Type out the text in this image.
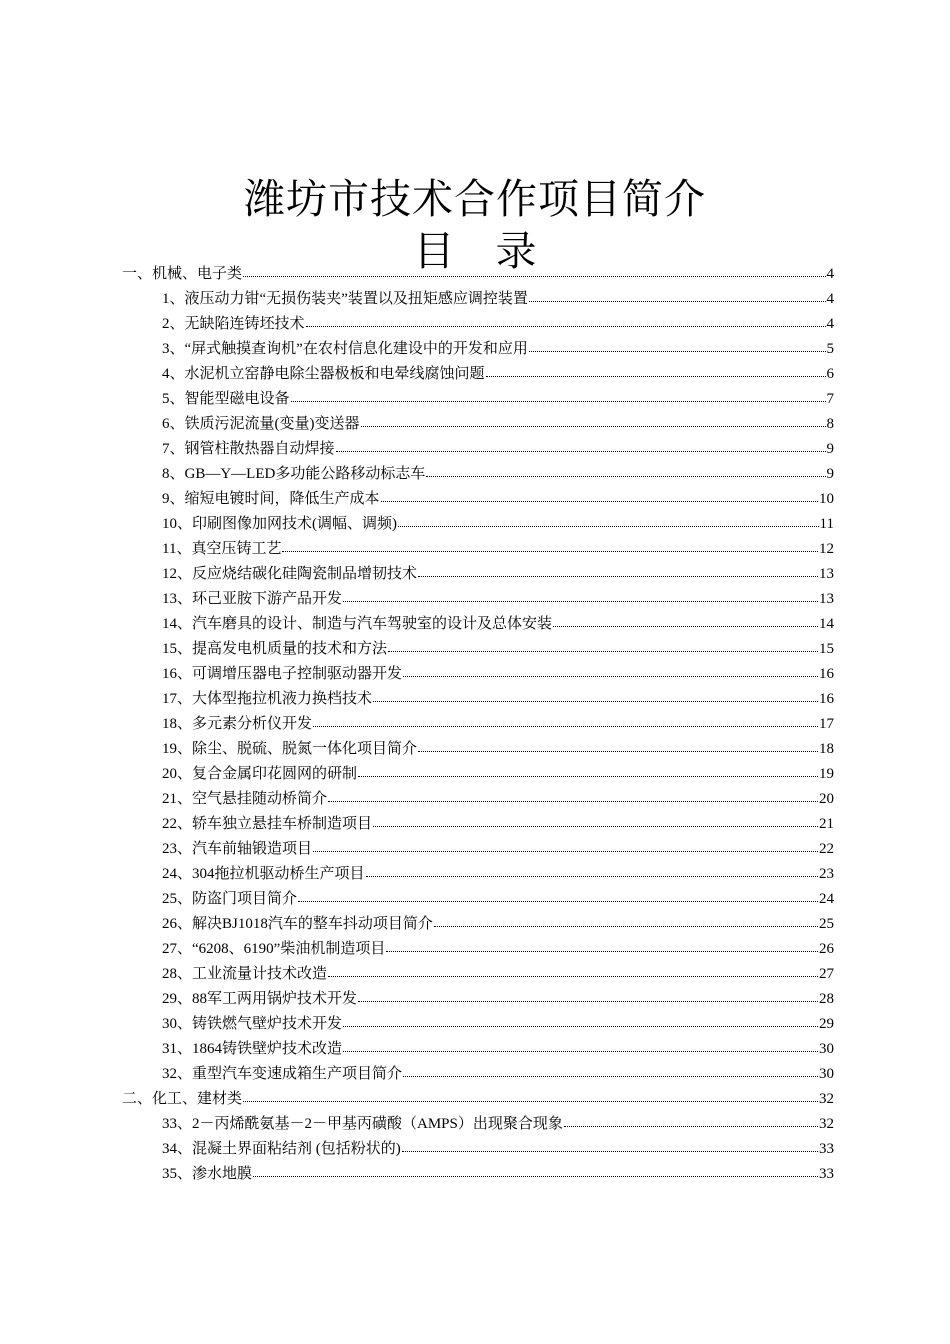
潍坊市技术合作项目简介
目　录
一、机械、电子类	4
1、液压动力钳“无损伤装夹”装置以及扭矩感应调控装置	4
2、无缺陷连铸坯技术	4
3、“屏式触摸查询机”在农村信息化建设中的开发和应用	5
4、水泥机立窑静电除尘器极板和电晕线腐蚀问题	6
5、智能型磁电设备	7
6、铁质污泥流量(变量)变送器	8
7、钢管柱散热器自动焊接	9
8、GB—Y—LED多功能公路移动标志车	9
9、缩短电镀时间，降低生产成本	10
10、印刷图像加网技术(调幅、调频)	11
11、真空压铸工艺	12
12、反应烧结碳化硅陶瓷制品增韧技术	13
13、环己亚胺下游产品开发	13
14、汽车磨具的设计、制造与汽车驾驶室的设计及总体安装	14
15、提高发电机质量的技术和方法	15
16、可调增压器电子控制驱动器开发	16
17、大体型拖拉机液力换档技术	16
18、多元素分析仪开发	17
19、除尘、脱硫、脱氮一体化项目简介	18
20、复合金属印花圆网的研制	19
21、空气悬挂随动桥简介	20
22、轿车独立悬挂车桥制造项目	21
23、汽车前轴锻造项目	22
24、304拖拉机驱动桥生产项目	23
25、防盗门项目简介	24
26、解决BJ1018汽车的整车抖动项目简介	25
27、“6208、6190”柴油机制造项目	26
28、工业流量计技术改造	27
29、88军工两用锅炉技术开发	28
30、铸铁燃气壁炉技术开发	29
31、1864铸铁壁炉技术改造	30
32、重型汽车变速成箱生产项目简介	30
二、化工、建材类	32
33、2－丙烯酰氨基－2－甲基丙磺酸（AMPS）出现聚合现象	32
34、混凝土界面粘结剂 (包括粉状的)	33
35、渗水地膜	33
